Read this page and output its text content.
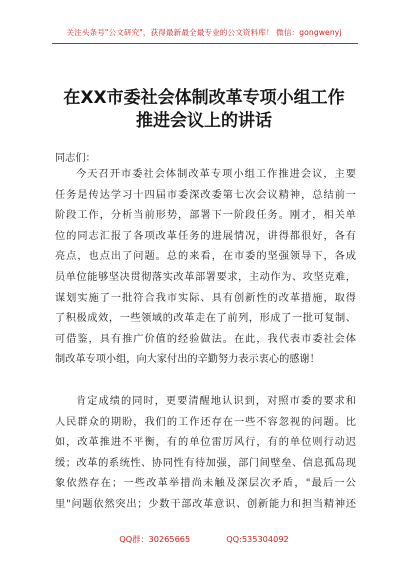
关注头条号"公文研究"，获得最新最全最专业的公文资料库！ 微信：gongwenyj
在XX市委社会体制改革专项小组工作
推进会议上的讲话
同志们：
今天召开市委社会体制改革专项小组工作推进会议，主要
任务是传达学习十四届市委深改委第七次会议精神，总结前一
阶段工作，分析当前形势，部署下一阶段任务。刚才，相关单
位的同志汇报了各项改革任务的进展情况，讲得都很好，各有
亮点，也点出了问题。总的来看，在市委的坚强领导下，各成
员单位能够坚决贯彻落实改革部署要求，主动作为、攻坚克难，
谋划实施了一批符合我市实际、具有创新性的改革措施，取得
了积极成效，一些领域的改革走在了前列，形成了一批可复制、
可借鉴，具有推广价值的经验做法。在此，我代表市委社会体
制改革专项小组，向大家付出的辛勤努力表示衷心的感谢！
肯定成绩的同时，更要清醒地认识到，对照市委的要求和
人民群众的期盼，我们的工作还存在一些不容忽视的问题。比
如，改革推进不平衡，有的单位雷厉风行，有的单位则行动迟
缓；改革的系统性、协同性有待加强，部门间壁垒、信息孤岛现
象依然存在；一些改革举措尚未触及深层次矛盾，"最后一公
里"问题依然突出；少数干部改革意识、创新能力和担当精神还
QQ群：30265665	QQ:535304092
